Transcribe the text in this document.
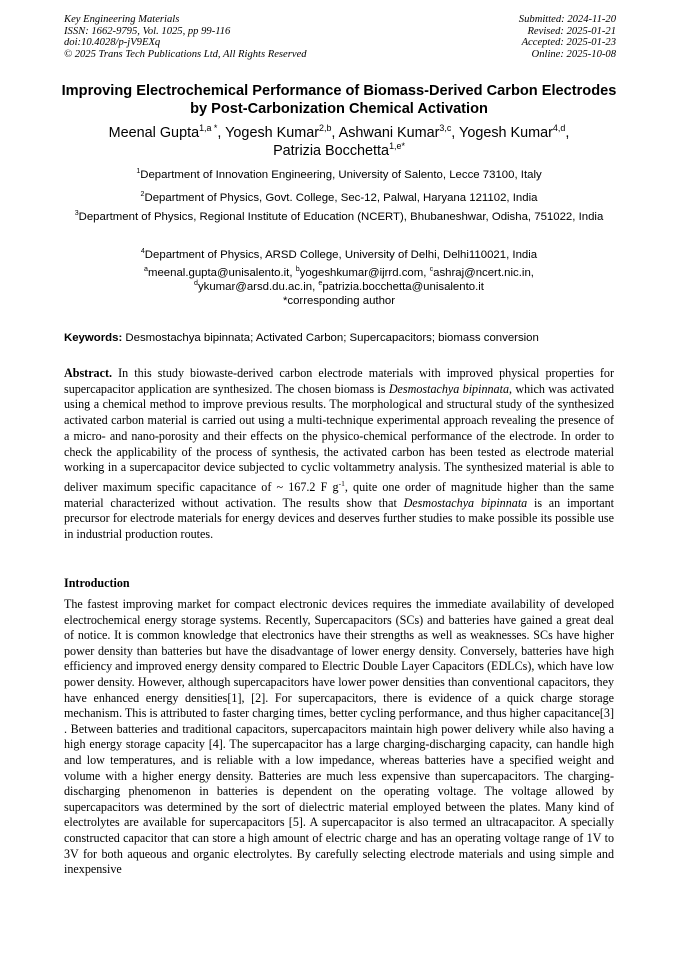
Key Engineering Materials
ISSN: 1662-9795, Vol. 1025, pp 99-116
doi:10.4028/p-jV9EXq
© 2025 Trans Tech Publications Ltd, All Rights Reserved
Submitted: 2024-11-20
Revised: 2025-01-21
Accepted: 2025-01-23
Online: 2025-10-08
Improving Electrochemical Performance of Biomass-Derived Carbon Electrodes by Post-Carbonization Chemical Activation
Meenal Gupta$^{1,a *}$, Yogesh Kumar$^{2,b}$, Ashwani Kumar$^{3,c}$, Yogesh Kumar$^{4,d}$,
Patrizia Bocchetta$^{1,e*}$
$^1$Department of Innovation Engineering, University of Salento, Lecce 73100, Italy
$^2$Department of Physics, Govt. College, Sec-12, Palwal, Haryana 121102, India
$^3$Department of Physics, Regional Institute of Education (NCERT), Bhubaneshwar, Odisha, 751022, India
$^4$Department of Physics, ARSD College, University of Delhi, Delhi110021, India
$^a$meenal.gupta@unisalento.it, $^b$yogeshkumar@ijrrd.com, $^c$ashraj@ncert.nic.in,
$^d$ykumar@arsd.du.ac.in, $^e$patrizia.bocchetta@unisalento.it
*corresponding author
Keywords: Desmostachya bipinnata; Activated Carbon; Supercapacitors; biomass conversion
Abstract. In this study biowaste-derived carbon electrode materials with improved physical properties for supercapacitor application are synthesized. The chosen biomass is Desmostachya bipinnata, which was activated using a chemical method to improve previous results. The morphological and structural study of the synthesized activated carbon material is carried out using a multi-technique experimental approach revealing the presence of a micro- and nano-porosity and their effects on the physico-chemical performance of the electrode. In order to check the applicability of the process of synthesis, the activated carbon has been tested as electrode material working in a supercapacitor device subjected to cyclic voltammetry analysis. The synthesized material is able to deliver maximum specific capacitance of ~ 167.2 F $g^{-1}$, quite one order of magnitude higher than the same material characterized without activation. The results show that Desmostachya bipinnata is an important precursor for electrode materials for energy devices and deserves further studies to make possible its possible use in industrial production routes.
Introduction
The fastest improving market for compact electronic devices requires the immediate availability of developed electrochemical energy storage systems. Recently, Supercapacitors (SCs) and batteries have gained a great deal of notice. It is common knowledge that electronics have their strengths as well as weaknesses. SCs have higher power density than batteries but have the disadvantage of lower energy density. Conversely, batteries have high efficiency and improved energy density compared to Electric Double Layer Capacitors (EDLCs), which have low power density. However, although supercapacitors have lower power densities than conventional capacitors, they have enhanced energy densities[1], [2]. For supercapacitors, there is evidence of a quick charge storage mechanism. This is attributed to faster charging times, better cycling performance, and thus higher capacitance[3] . Between batteries and traditional capacitors, supercapacitors maintain high power delivery while also having a high energy storage capacity [4]. The supercapacitor has a large charging-discharging capacity, can handle high and low temperatures, and is reliable with a low impedance, whereas batteries have a specified weight and volume with a higher energy density. Batteries are much less expensive than supercapacitors. The charging-discharging phenomenon in batteries is dependent on the operating voltage. The voltage allowed by supercapacitors was determined by the sort of dielectric material employed between the plates. Many kind of electrolytes are available for supercapacitors [5]. A supercapacitor is also termed an ultracapacitor. A specially constructed capacitor that can store a high amount of electric charge and has an operating voltage range of 1V to 3V for both aqueous and organic electrolytes. By carefully selecting electrode materials and using simple and inexpensive
